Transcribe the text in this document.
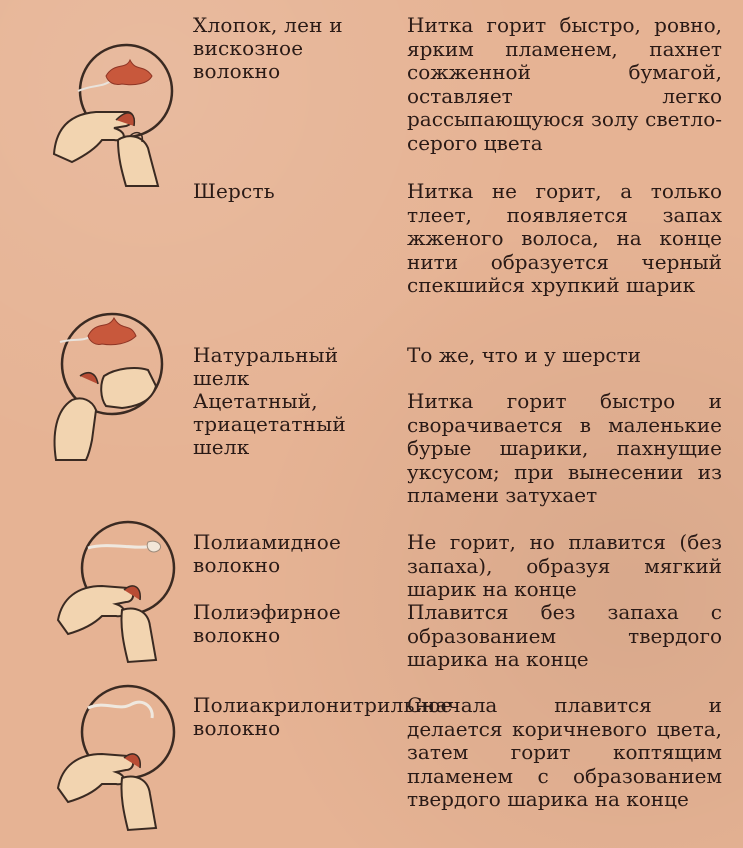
Хлопок, лен и вискозное волокно
Нитка горит быстро, ровно, ярким пламенем, пахнет сожженной бумагой, оставляет легко рассыпающуюся золу светло-серого цвета
Шерсть	Нитка не горит, а только тлеет, появляется запах жженого волоса, на конце нити образуется черный спекшийся хрупкий шарик
Натуральный шелк
То же, что и у шерсти
Ацетатный, триацетатный шелк
Нитка горит быстро и сворачивается в маленькие бурые шарики, пахнущие уксусом; при вынесении из пламени затухает
Полиамидное волокно
Не горит, но плавится (без запаха), образуя мягкий шарик на конце
Полиэфирное волокно
Плавится без запаха с образованием твердого шарика на конце
Полиакрилонитрильное волокно
Сначала плавится и делается коричневого цвета, затем горит коптящим пламенем с образованием твердого шарика на конце
